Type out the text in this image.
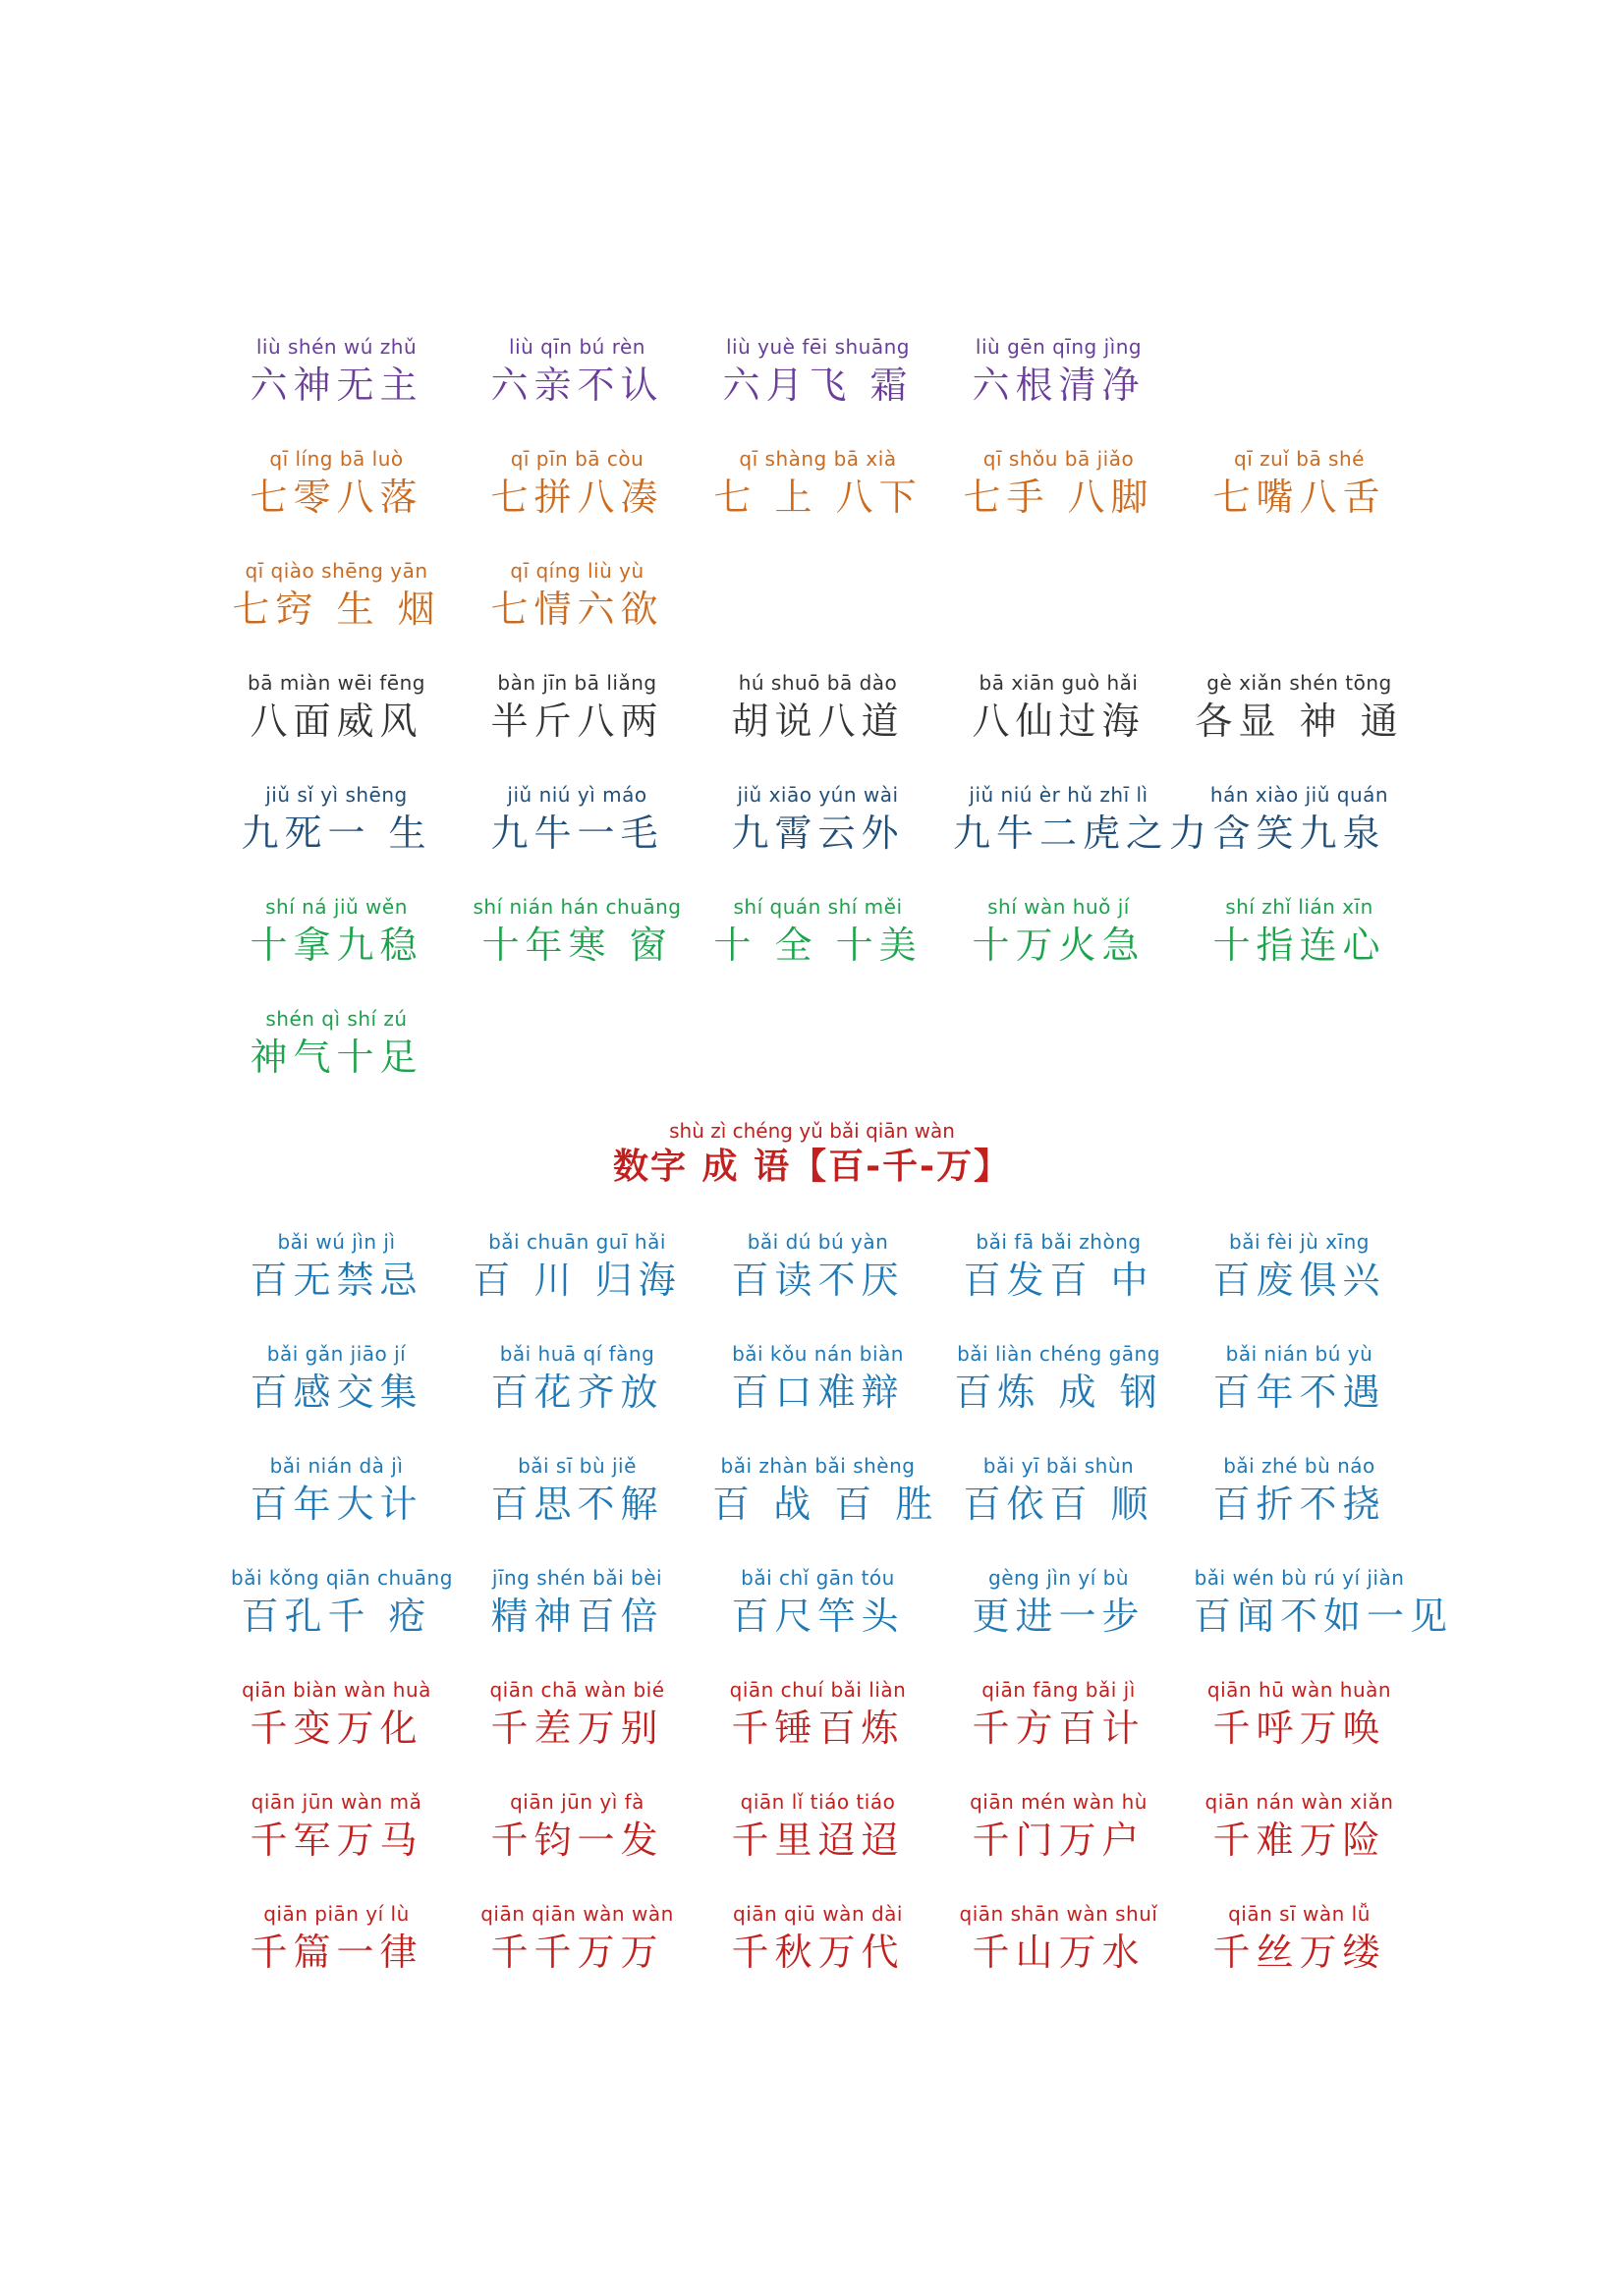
shù zì chéng yǔ bǎi qiān wàn
数字 成 语【百-千-万】
liù shén wú zhǔ
六神无主
liù qīn bú rèn
六亲不认
liù yuè fēi shuāng
六月飞 霜
liù gēn qīng jìng
六根清净
qī líng bā luò
七零八落
qī pīn bā còu
七拼八凑
qī shàng bā xià
七 上 八下
qī shǒu bā jiǎo
七手 八脚
qī zuǐ bā shé
七嘴八舌
qī qiào shēng yān
七窍 生 烟
qī qíng liù yù
七情六欲
bā miàn wēi fēng
八面威风
bàn jīn bā liǎng
半斤八两
hú shuō bā dào
胡说八道
bā xiān guò hǎi
八仙过海
gè xiǎn shén tōng
各显 神 通
jiǔ sǐ yì shēng
九死一 生
jiǔ niú yì máo
九牛一毛
jiǔ xiāo yún wài
九霄云外
jiǔ niú èr hǔ zhī lì
九牛二虎之力
hán xiào jiǔ quán
含笑九泉
shí ná jiǔ wěn
十拿九稳
shí nián hán chuāng
十年寒 窗
shí quán shí měi
十 全 十美
shí wàn huǒ jí
十万火急
shí zhǐ lián xīn
十指连心
shén qì shí zú
神气十足
bǎi wú jìn jì
百无禁忌
bǎi chuān guī hǎi
百 川 归海
bǎi dú bú yàn
百读不厌
bǎi fā bǎi zhòng
百发百 中
bǎi fèi jù xīng
百废俱兴
bǎi gǎn jiāo jí
百感交集
bǎi huā qí fàng
百花齐放
bǎi kǒu nán biàn
百口难辩
bǎi liàn chéng gāng
百炼 成 钢
bǎi nián bú yù
百年不遇
bǎi nián dà jì
百年大计
bǎi sī bù jiě
百思不解
bǎi zhàn bǎi shèng
百 战 百 胜
bǎi yī bǎi shùn
百依百 顺
bǎi zhé bù náo
百折不挠
bǎi kǒng qiān chuāng
百孔千 疮
jīng shén bǎi bèi
精神百倍
bǎi chǐ gān tóu
百尺竿头
gèng jìn yí bù
更进一步
bǎi wén bù rú yí jiàn
百闻不如一见
qiān biàn wàn huà
千变万化
qiān chā wàn bié
千差万别
qiān chuí bǎi liàn
千锤百炼
qiān fāng bǎi jì
千方百计
qiān hū wàn huàn
千呼万唤
qiān jūn wàn mǎ
千军万马
qiān jūn yì fà
千钧一发
qiān lǐ tiáo tiáo
千里迢迢
qiān mén wàn hù
千门万户
qiān nán wàn xiǎn
千难万险
qiān piān yí lù
千篇一律
qiān qiān wàn wàn
千千万万
qiān qiū wàn dài
千秋万代
qiān shān wàn shuǐ
千山万水
qiān sī wàn lǚ
千丝万缕
